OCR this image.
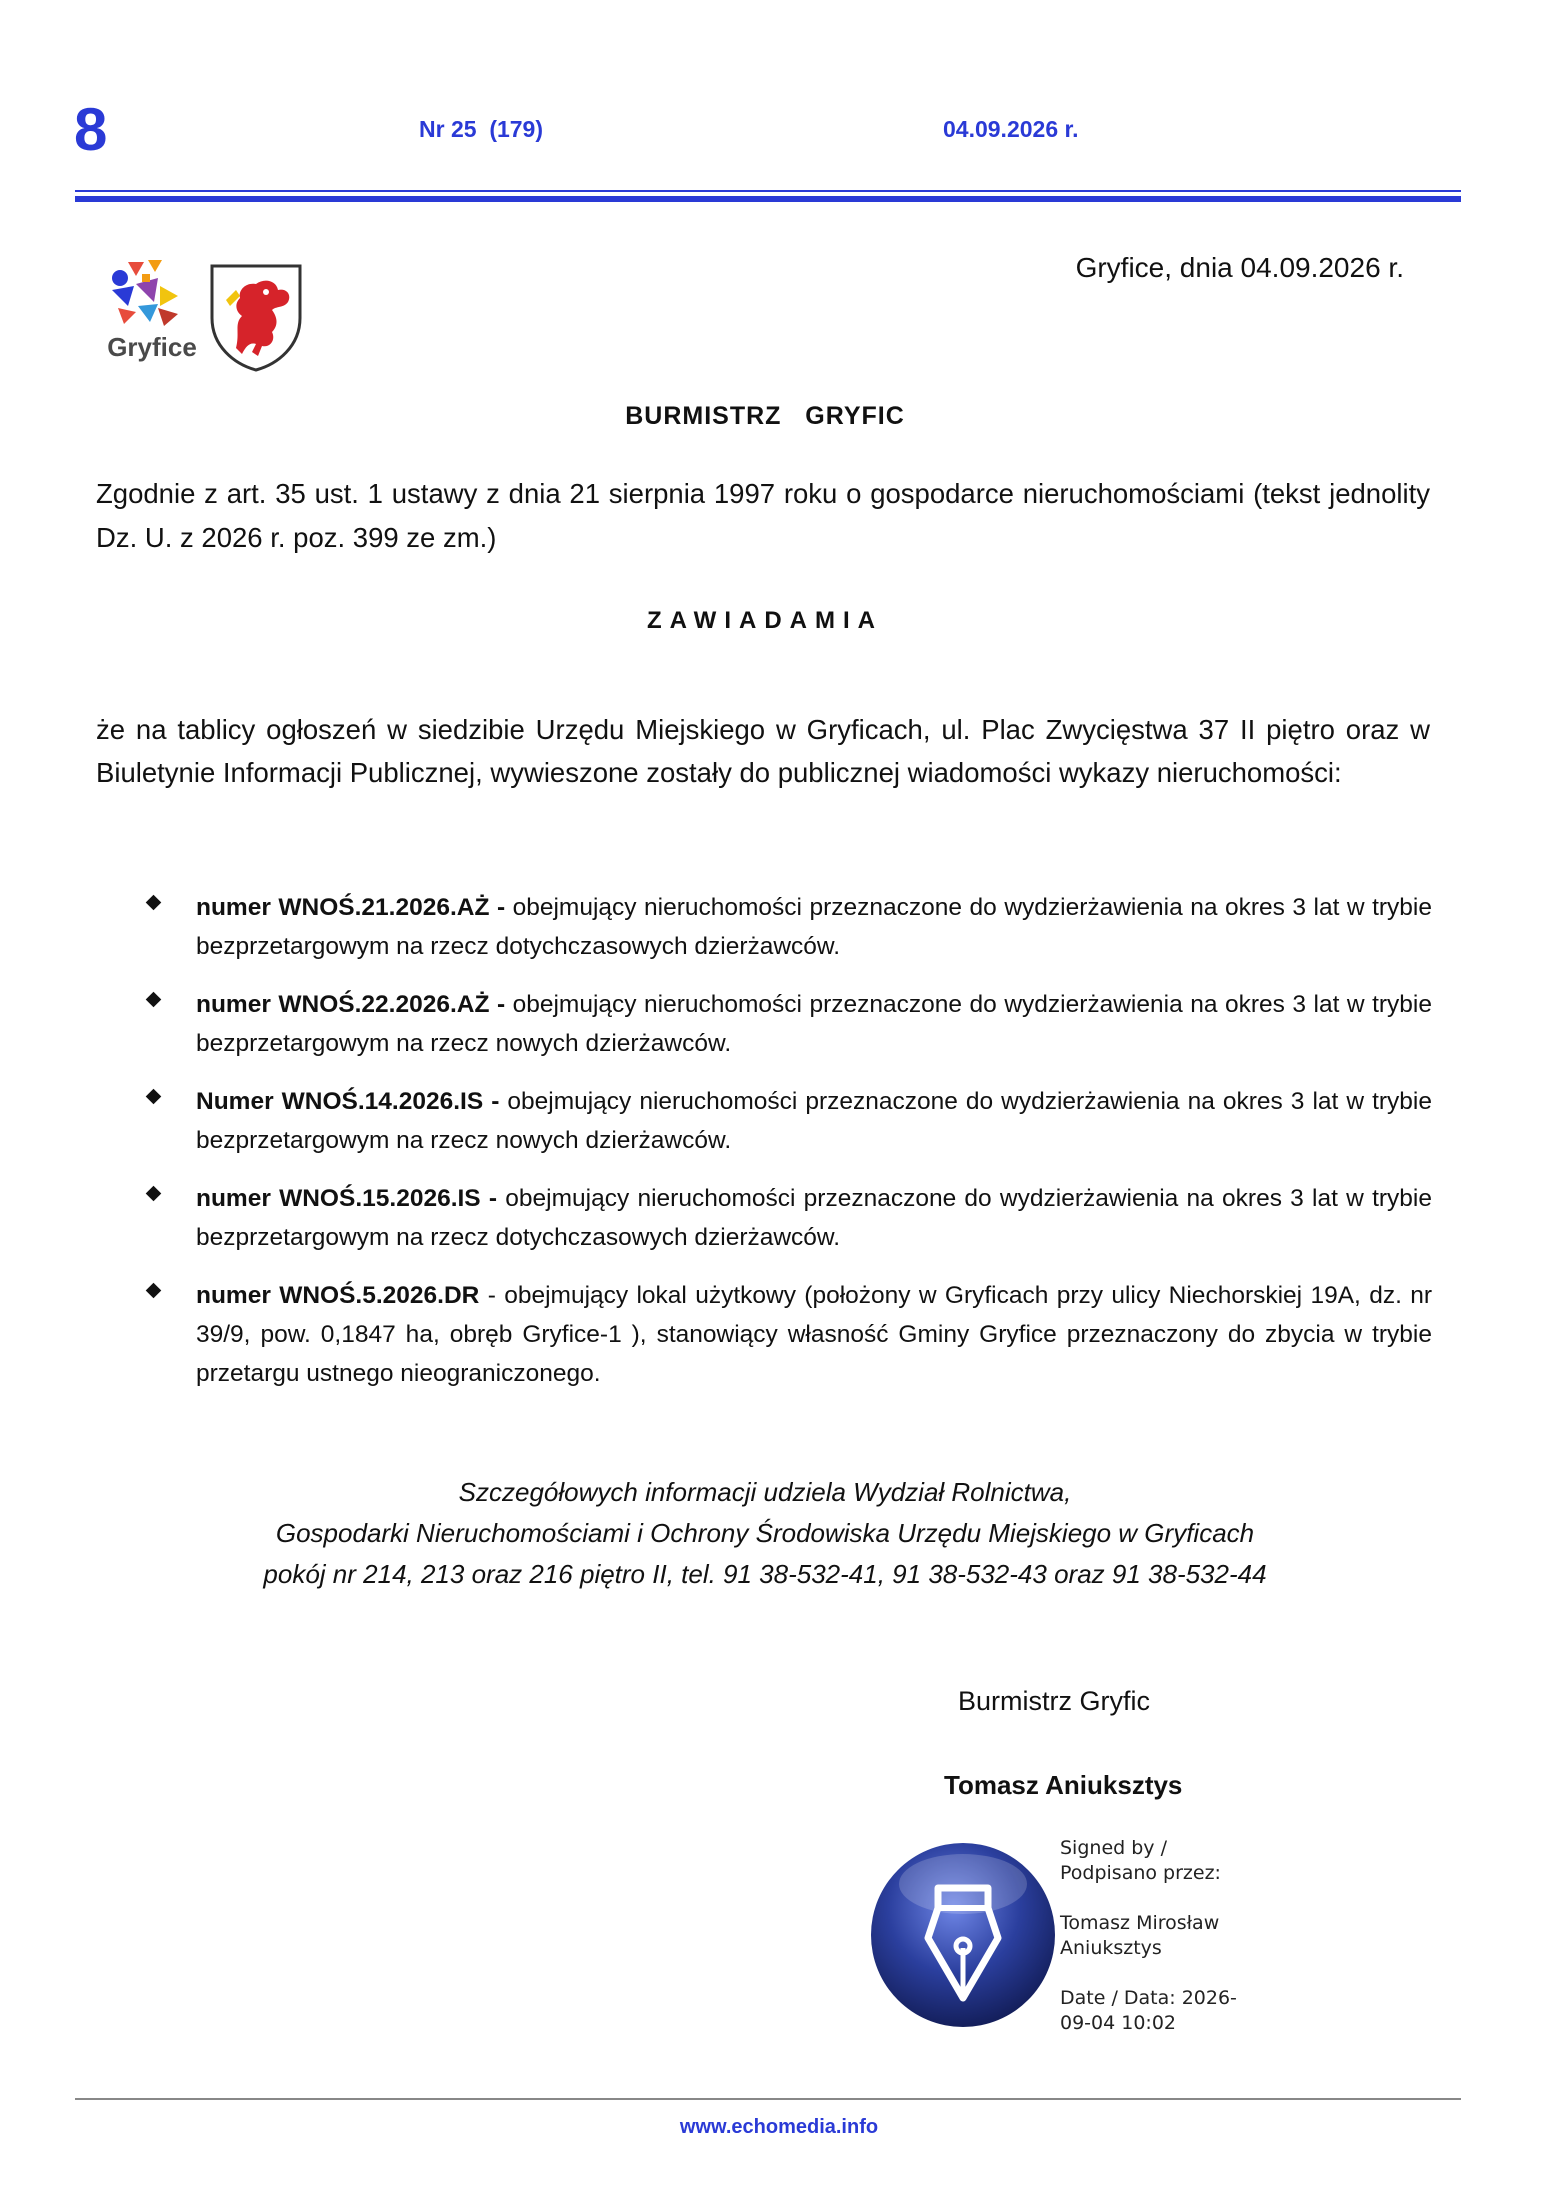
8	Nr 25  (179)	04.09.2026 r.
Gryfice
Gryfice, dnia 04.09.2026 r.
BURMISTRZ   GRYFIC
Zgodnie z art. 35 ust. 1 ustawy z dnia 21 sierpnia 1997 roku o gospodarce nieruchomościami (tekst jednolity Dz. U. z 2026 r. poz. 399 ze zm.)
ZAWIADAMIA
że na tablicy ogłoszeń w siedzibie Urzędu Miejskiego w Gryficach, ul. Plac Zwycięstwa 37 II piętro oraz w Biuletynie Informacji Publicznej, wywieszone zostały do publicznej wiadomości wykazy nieruchomości:
numer WNOŚ.21.2026.AŻ - obejmujący nieruchomości przeznaczone do wydzierżawienia na okres 3 lat w trybie bezprzetargowym na rzecz dotychczasowych dzierżawców.
numer WNOŚ.22.2026.AŻ - obejmujący nieruchomości przeznaczone do wydzierżawienia na okres 3 lat w trybie bezprzetargowym na rzecz nowych dzierżawców.
Numer WNOŚ.14.2026.IS - obejmujący nieruchomości przeznaczone do wydzierżawienia na okres 3 lat w trybie bezprzetargowym na rzecz nowych dzierżawców.
numer WNOŚ.15.2026.IS - obejmujący nieruchomości przeznaczone do wydzierżawienia na okres 3 lat w trybie bezprzetargowym na rzecz dotychczasowych dzierżawców.
numer WNOŚ.5.2026.DR - obejmujący lokal użytkowy (położony w Gryficach przy ulicy Niechorskiej 19A, dz. nr 39/9, pow. 0,1847 ha, obręb Gryfice-1 ), stanowiący własność Gminy Gryfice przeznaczony do zbycia w trybie przetargu ustnego nieograniczonego.
Szczegółowych informacji udziela Wydział Rolnictwa,
Gospodarki Nieruchomościami i Ochrony Środowiska Urzędu Miejskiego w Gryficach
pokój nr 214, 213 oraz 216 piętro II, tel. 91 38-532-41, 91 38-532-43 oraz 91 38-532-44
Burmistrz Gryfic
Tomasz Aniuksztys
Signed by /
Podpisano przez:
Tomasz Mirosław
Aniuksztys
Date / Data: 2026-
09-04 10:02
www.echomedia.info
